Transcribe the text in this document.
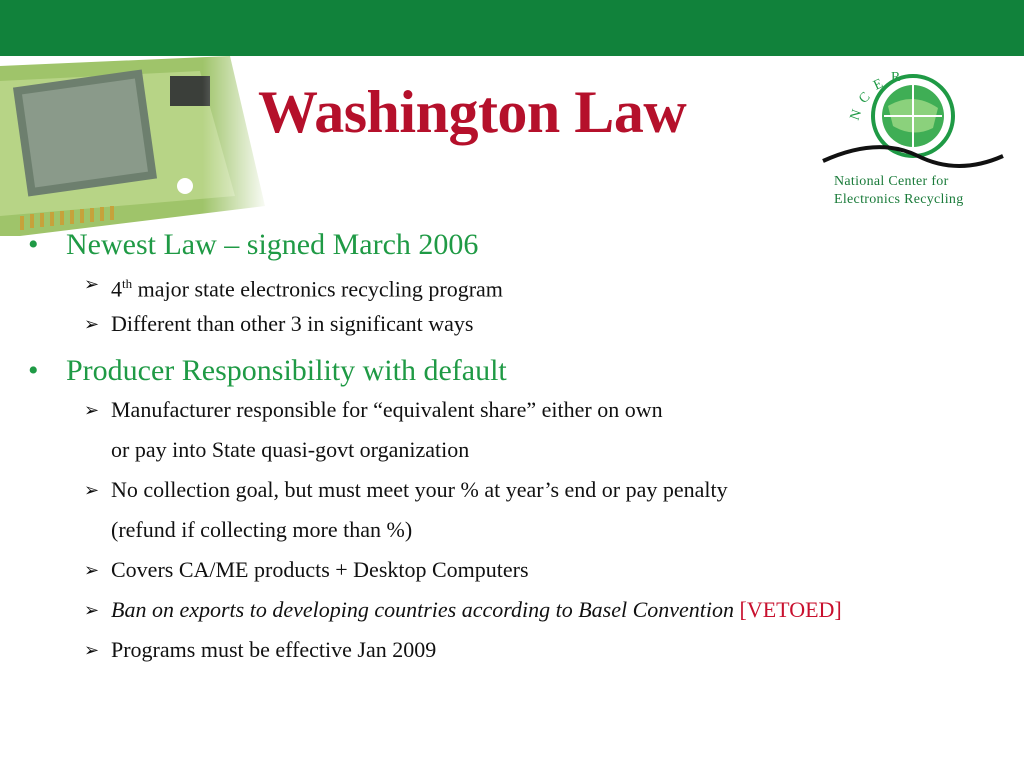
Washington Law	N
C
E R
National Center for
Electronics Recycling
• Newest Law – signed March 2006
➢ 4th major state electronics recycling program
➢ Different than other 3 in significant ways
• Producer Responsibility with default
➢ Manufacturer responsible for “equivalent share” either on own
or pay into State quasi-govt organization
➢ No collection goal, but must meet your % at year’s end or pay penalty
(refund if collecting more than %)
➢ Covers CA/ME products + Desktop Computers
➢ Ban on exports to developing countries according to Basel Convention [VETOED]
➢ Programs must be effective Jan 2009
